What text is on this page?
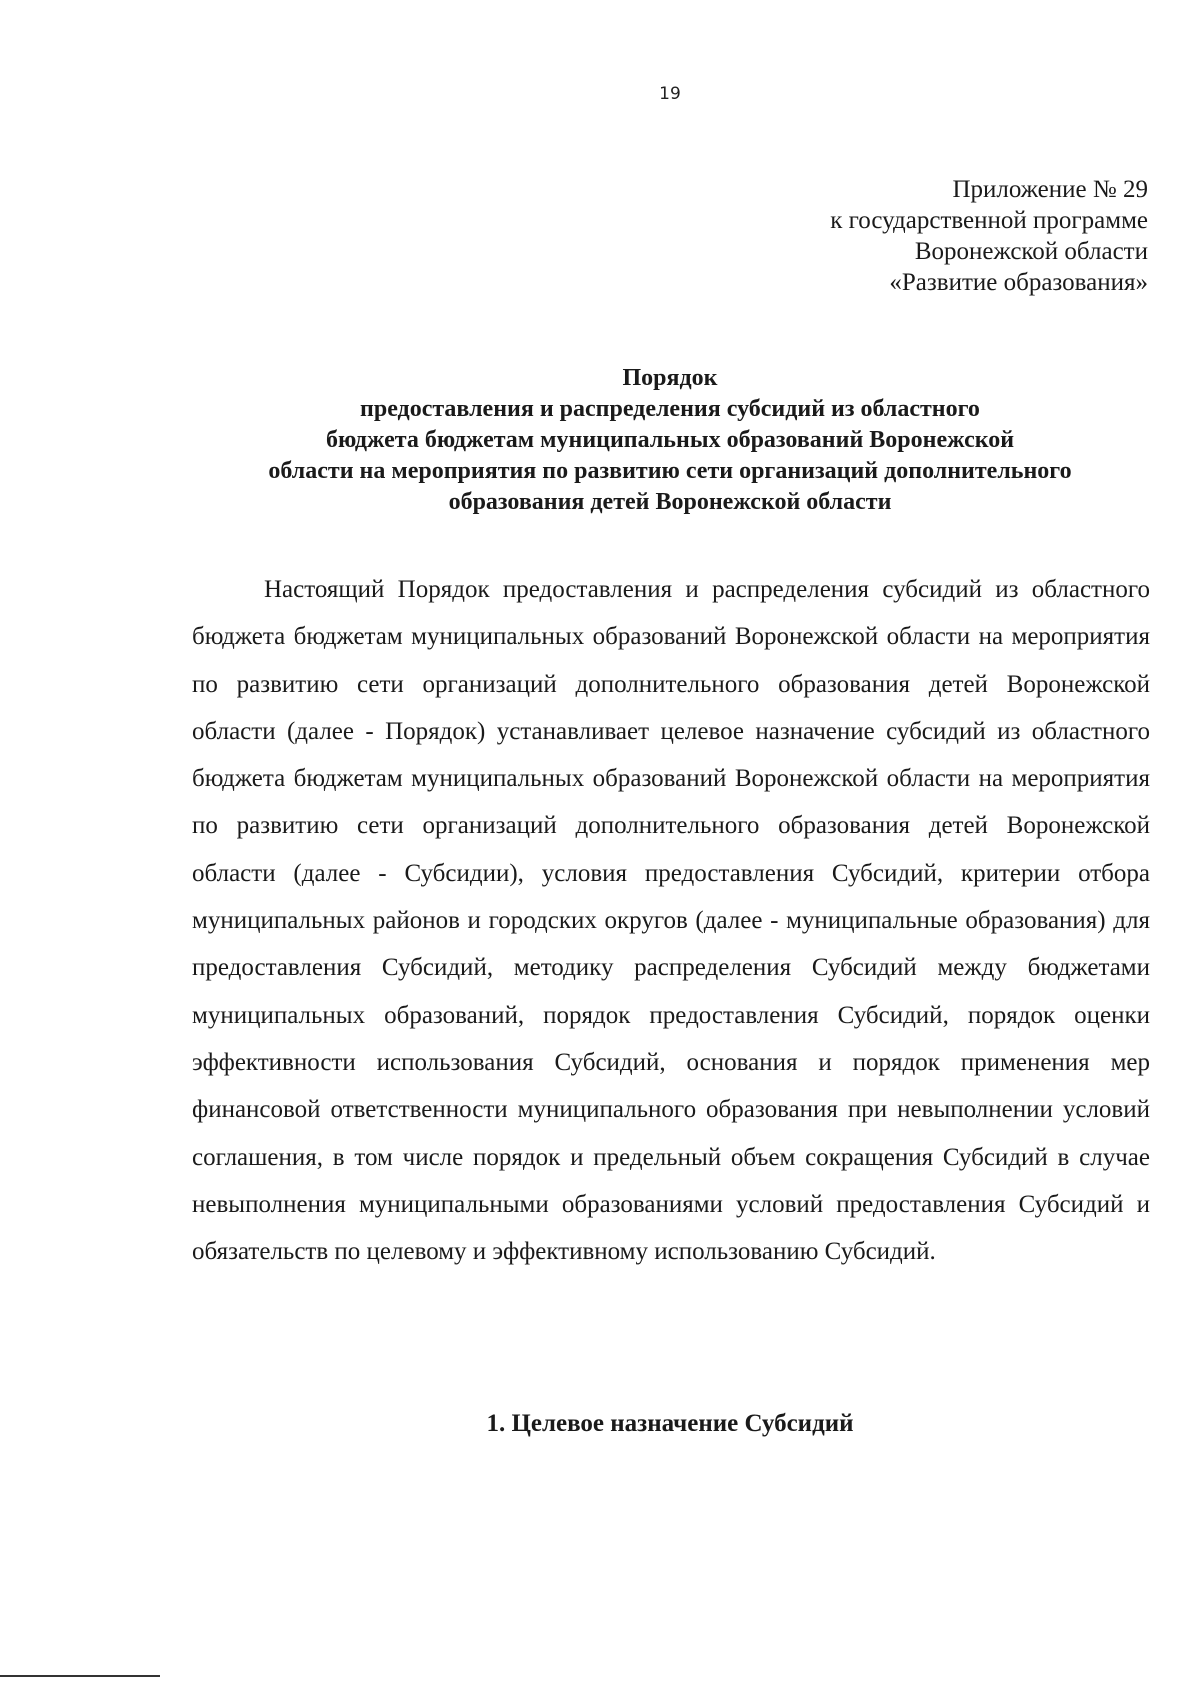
19
Приложение № 29
к государственной программе
Воронежской области
«Развитие образования»
Порядок
предоставления и распределения субсидий из областного
бюджета бюджетам муниципальных образований Воронежской
области на мероприятия по развитию сети организаций дополнительного
образования детей Воронежской области

Настоящий Порядок предоставления и распределения субсидий из областного бюджета бюджетам муниципальных образований Воронежской области на мероприятия по развитию сети организаций дополнительного образования детей Воронежской области (далее - Порядок) устанавливает целевое назначение субсидий из областного бюджета бюджетам муниципальных образований Воронежской области на мероприятия по развитию сети организаций дополнительного образования детей Воронежской области (далее - Субсидии), условия предоставления Субсидий, критерии отбора муниципальных районов и городских округов (далее - муниципальные образования) для предоставления Субсидий, методику распределения Субсидий между бюджетами муниципальных образований, порядок предоставления Субсидий, порядок оценки эффективности использования Субсидий, основания и порядок применения мер финансовой ответственности муниципального образования при невыполнении условий соглашения, в том числе порядок и предельный объем сокращения Субсидий в случае невыполнения муниципальными образованиями условий предоставления Субсидий и обязательств по целевому и эффективному использованию Субсидий.

1. Целевое назначение Субсидий
